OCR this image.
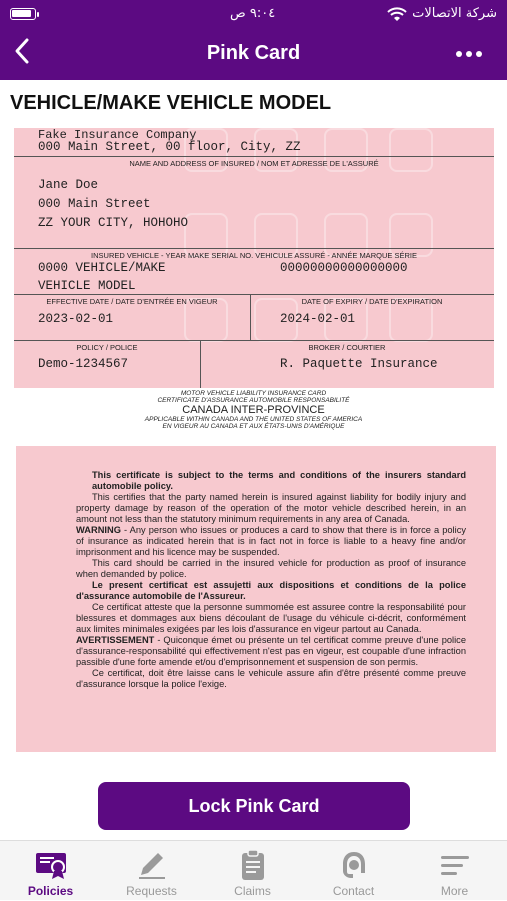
٩:٠٤ ص	شركة الاتصالات
Pink Card
VEHICLE/MAKE VEHICLE MODEL
Fake Insurance Company
000 Main Street, 00 floor, City, ZZ
NAME AND ADDRESS OF INSURED / NOM ET ADRESSE DE L'ASSURÉ
Jane Doe
000 Main Street
ZZ YOUR CITY, HOHOHO
INSURED VEHICLE - YEAR MAKE SERIAL NO. VEHICULE ASSURÉ - ANNÉE MARQUE SÉRIE
0000 VEHICLE/MAKE	00000000000000000
VEHICLE MODEL
EFFECTIVE DATE / DATE D'ENTRÉE EN VIGEUR
2023-02-01
DATE OF EXPIRY / DATE D'EXPIRATION
2024-02-01
POLICY / POLICE
Demo-1234567
BROKER / COURTIER
R. Paquette Insurance
MOTOR VEHICLE LIABILITY INSURANCE CARD
CERTIFICATE D'ASSURANCE AUTOMOBILE RESPONSABILITÉ
CANADA INTER-PROVINCE
APPLICABLE WITHIN CANADA AND THE UNITED STATES OF AMERICA
EN VIGEUR AU CANADA ET AUX ÉTATS-UNIS D'AMÉRIQUE

This certificate is subject to the terms and conditions of the insurers standard automobile policy.

This certifies that the party named herein is insured against liability for bodily injury and property damage by reason of the operation of the motor vehicle described herein, in an amount not less than the statutory minimum requirements in any area of Canada.

WARNING - Any person who issues or produces a card to show that there is in force a policy of insurance as indicated herein that is in fact not in force is liable to a heavy fine and/or imprisonment and his licence may be suspended.

This card should be carried in the insured vehicle for production as proof of insurance when demanded by police.

Le present certificat est assujetti aux dispositions et conditions de la police d'assurance automobile de l'Assureur.

Ce certificat atteste que la personne summomée est assuree contre la responsabilité pour blessures et dommages aux biens découlant de l'usage du véhicule ci-décrit, conformément aux limites minimales exigées par les lois d'assurance en vigeur partout au Canada.

AVERTISSEMENT - Quiconque émet ou présente un tel certificat comme preuve d'une police d'assurance-responsabilité qui effectivement n'est pas en vigeur, est coupable d'une infraction passible d'une forte amende et/ou d'emprisonnement et suspension de son permis.

Ce certificat, doit être laisse cans le vehicule assure afin d'être présenté comme preuve d'assurance lorsque la police l'exige.

Lock Pink Card
Policies	Requests	Claims	Contact	More
